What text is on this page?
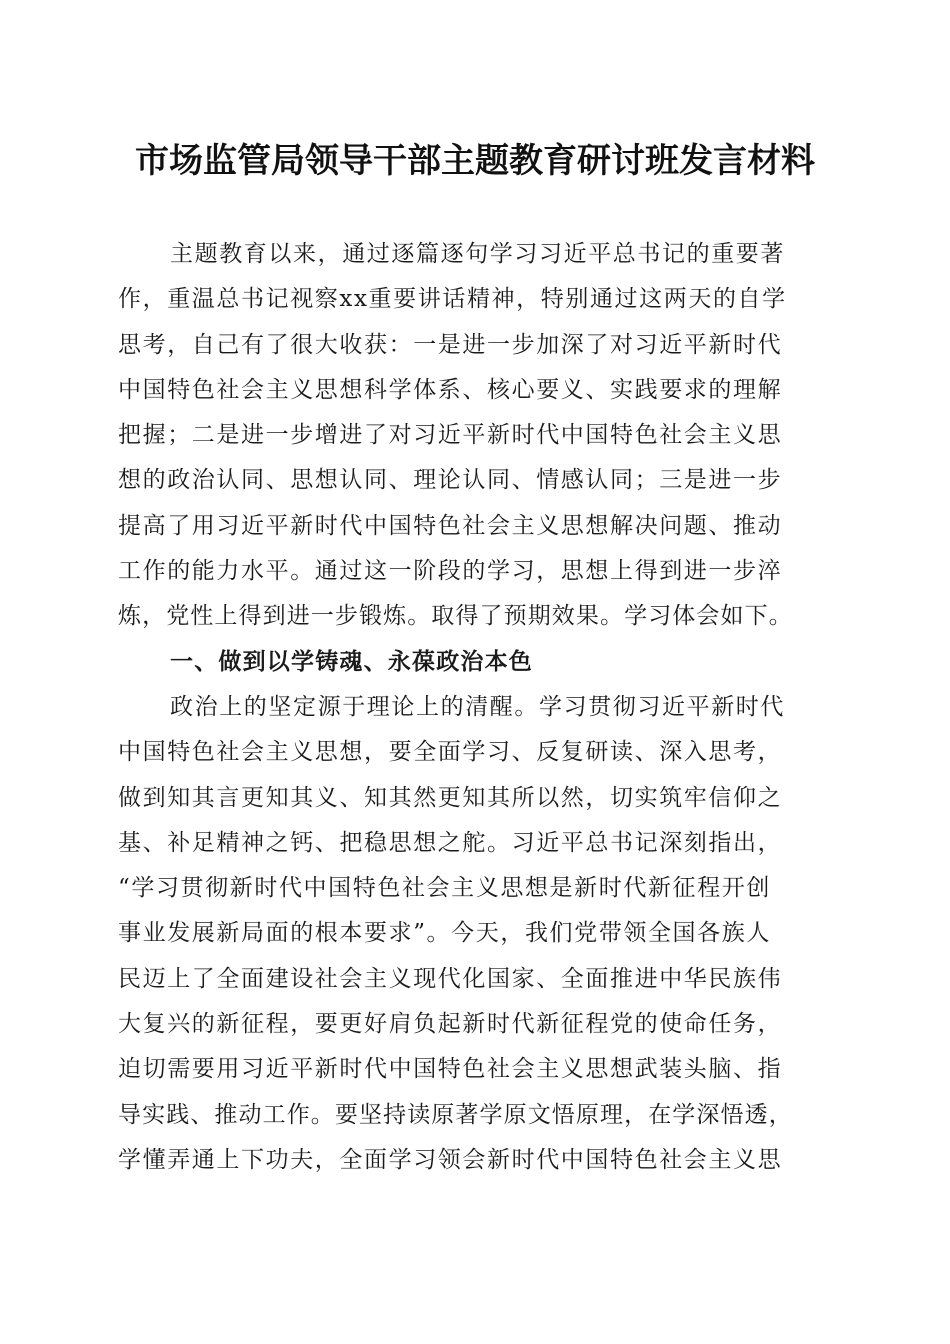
市场监管局领导干部主题教育研讨班发言材料
主题教育以来，通过逐篇逐句学习习近平总书记的重要著
作，重温总书记视察xx重要讲话精神，特别通过这两天的自学
思考，自己有了很大收获：一是进一步加深了对习近平新时代
中国特色社会主义思想科学体系、核心要义、实践要求的理解
把握；二是进一步增进了对习近平新时代中国特色社会主义思
想的政治认同、思想认同、理论认同、情感认同；三是进一步
提高了用习近平新时代中国特色社会主义思想解决问题、推动
工作的能力水平。通过这一阶段的学习，思想上得到进一步淬
炼，党性上得到进一步锻炼。取得了预期效果。学习体会如下。
一、做到以学铸魂、永葆政治本色
政治上的坚定源于理论上的清醒。学习贯彻习近平新时代
中国特色社会主义思想，要全面学习、反复研读、深入思考，
做到知其言更知其义、知其然更知其所以然，切实筑牢信仰之
基、补足精神之钙、把稳思想之舵。习近平总书记深刻指出，
“学习贯彻新时代中国特色社会主义思想是新时代新征程开创
事业发展新局面的根本要求”。今天，我们党带领全国各族人
民迈上了全面建设社会主义现代化国家、全面推进中华民族伟
大复兴的新征程，要更好肩负起新时代新征程党的使命任务，
迫切需要用习近平新时代中国特色社会主义思想武装头脑、指
导实践、推动工作。要坚持读原著学原文悟原理，在学深悟透，
学懂弄通上下功夫，全面学习领会新时代中国特色社会主义思
